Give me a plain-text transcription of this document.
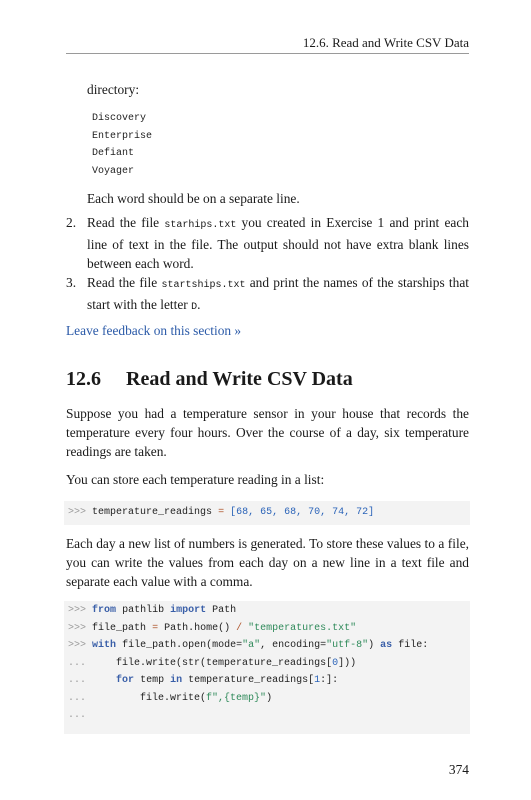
12.6. Read and Write CSV Data

directory:

Discovery
Enterprise
Defiant
Voyager

Each word should be on a separate line.

2. Read the file starhips.txt you created in Exercise 1 and print each line of text in the file. The output should not have extra blank lines between each word.
3. Read the file startships.txt and print the names of the starships that start with the letter D.
Leave feedback on this section »
12.6 Read and Write CSV Data

Suppose you had a temperature sensor in your house that records the temperature every four hours. Over the course of a day, six temperature readings are taken.

You can store each temperature reading in a list:

>>> temperature_readings = [68, 65, 68, 70, 74, 72]

Each day a new list of numbers is generated. To store these values to a file, you can write the values from each day on a new line in a text file and separate each value with a comma.

>>> from pathlib import Path
>>> file_path = Path.home() / "temperatures.txt"
>>> with file_path.open(mode="a", encoding="utf-8") as file:
...	file.write(str(temperature_readings[0]))
...	for temp in temperature_readings[1:]:
...	file.write(f",{temp}")
...
374
